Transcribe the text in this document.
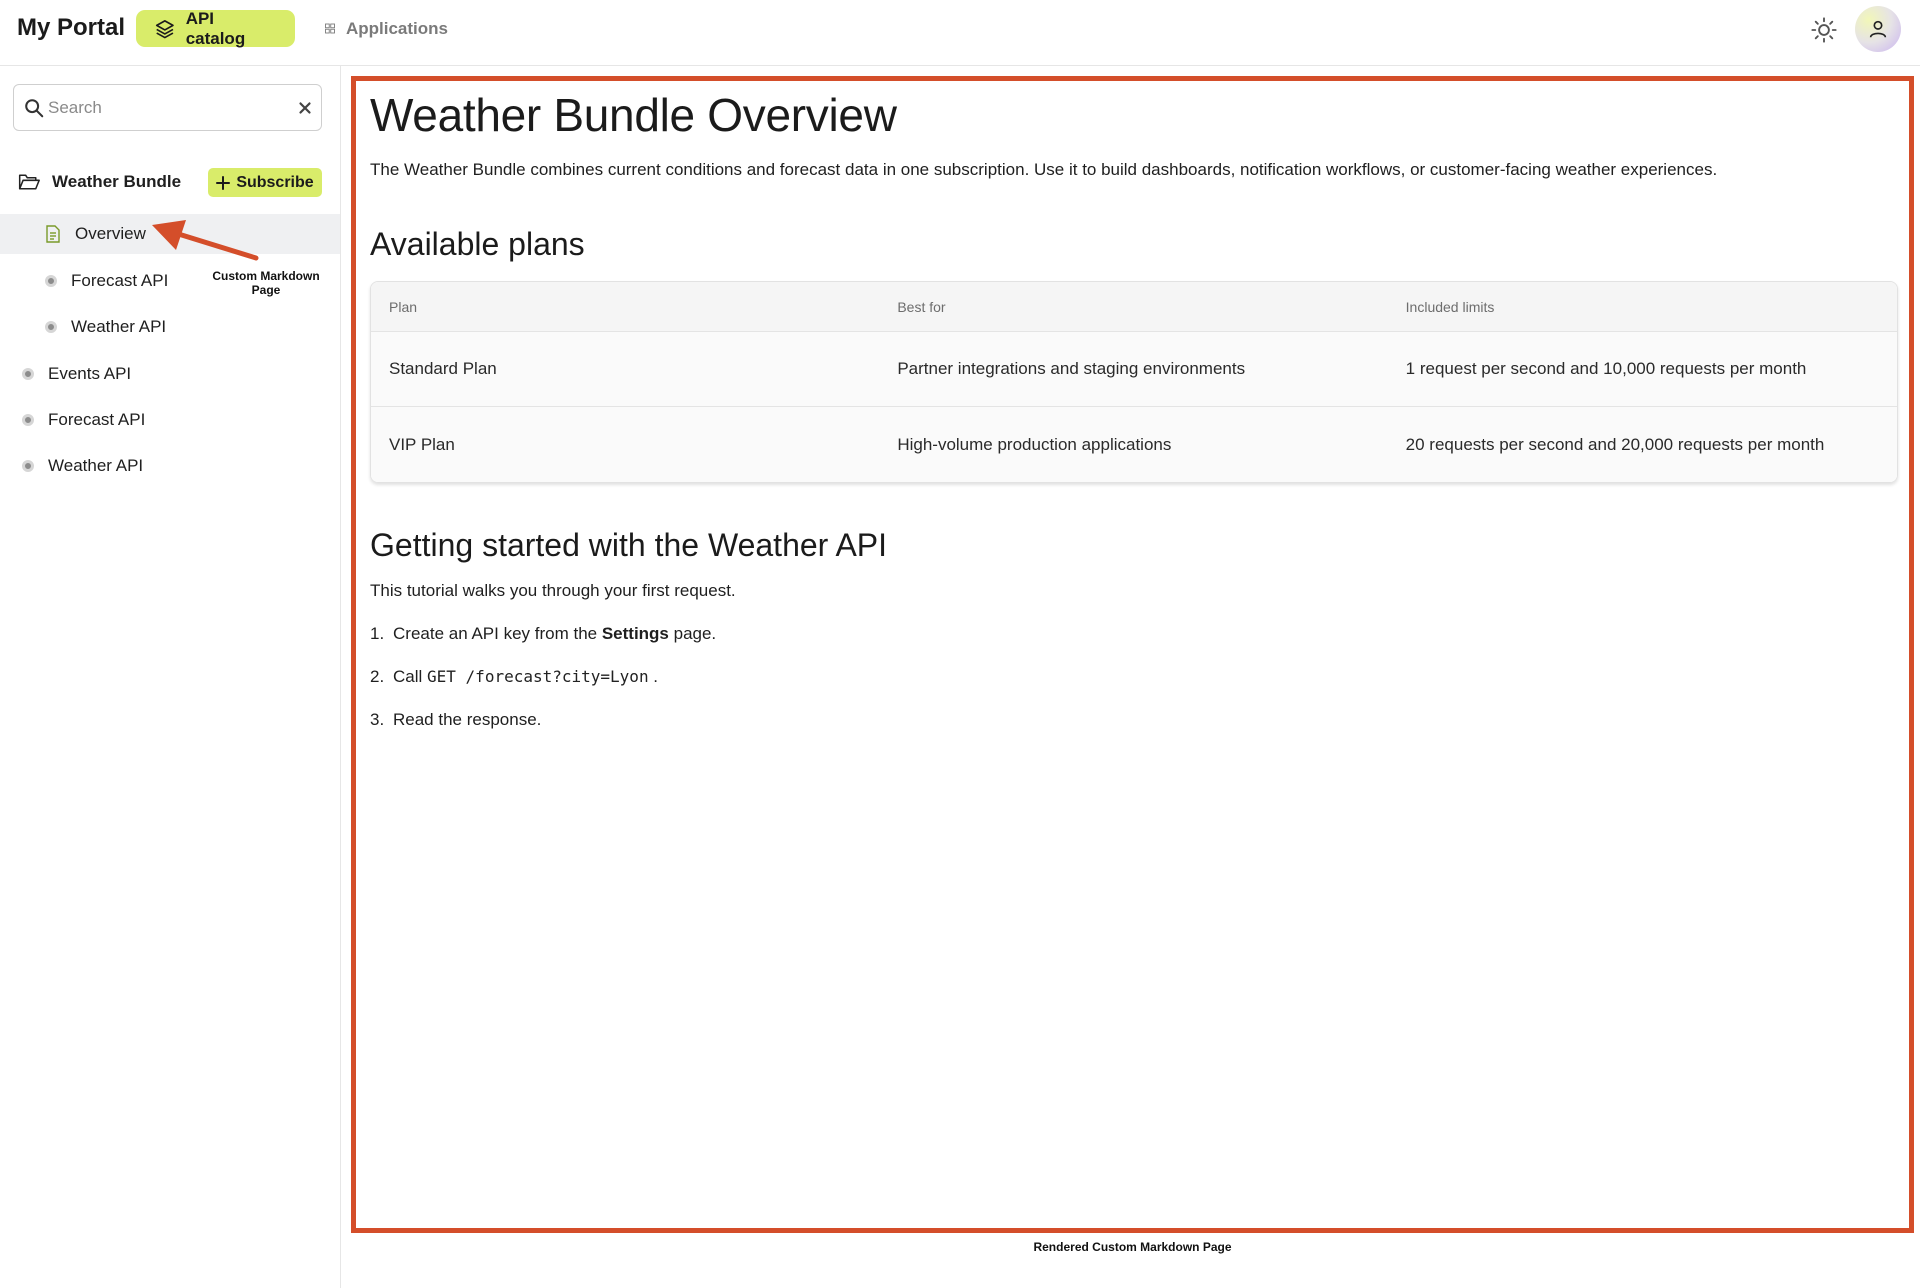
My Portal	API catalog
Applications
Search
Weather Bundle	Subscribe
Overview
Forecast API
Weather API
Events API
Forecast API
Weather API
Custom Markdown Page
Weather Bundle Overview
The Weather Bundle combines current conditions and forecast data in one subscription. Use it to build dashboards, notification workflows, or customer-facing weather experiences.
Available plans
Plan	Best for	Included limits
Standard Plan	Partner integrations and staging environments	1 request per second and 10,000 requests per month
VIP Plan	High-volume production applications	20 requests per second and 20,000 requests per month
Getting started with the Weather API
This tutorial walks you through your first request.
1. Create an API key from the Settings page.
2. Call GET /forecast?city=Lyon .
3. Read the response.
Rendered Custom Markdown Page
